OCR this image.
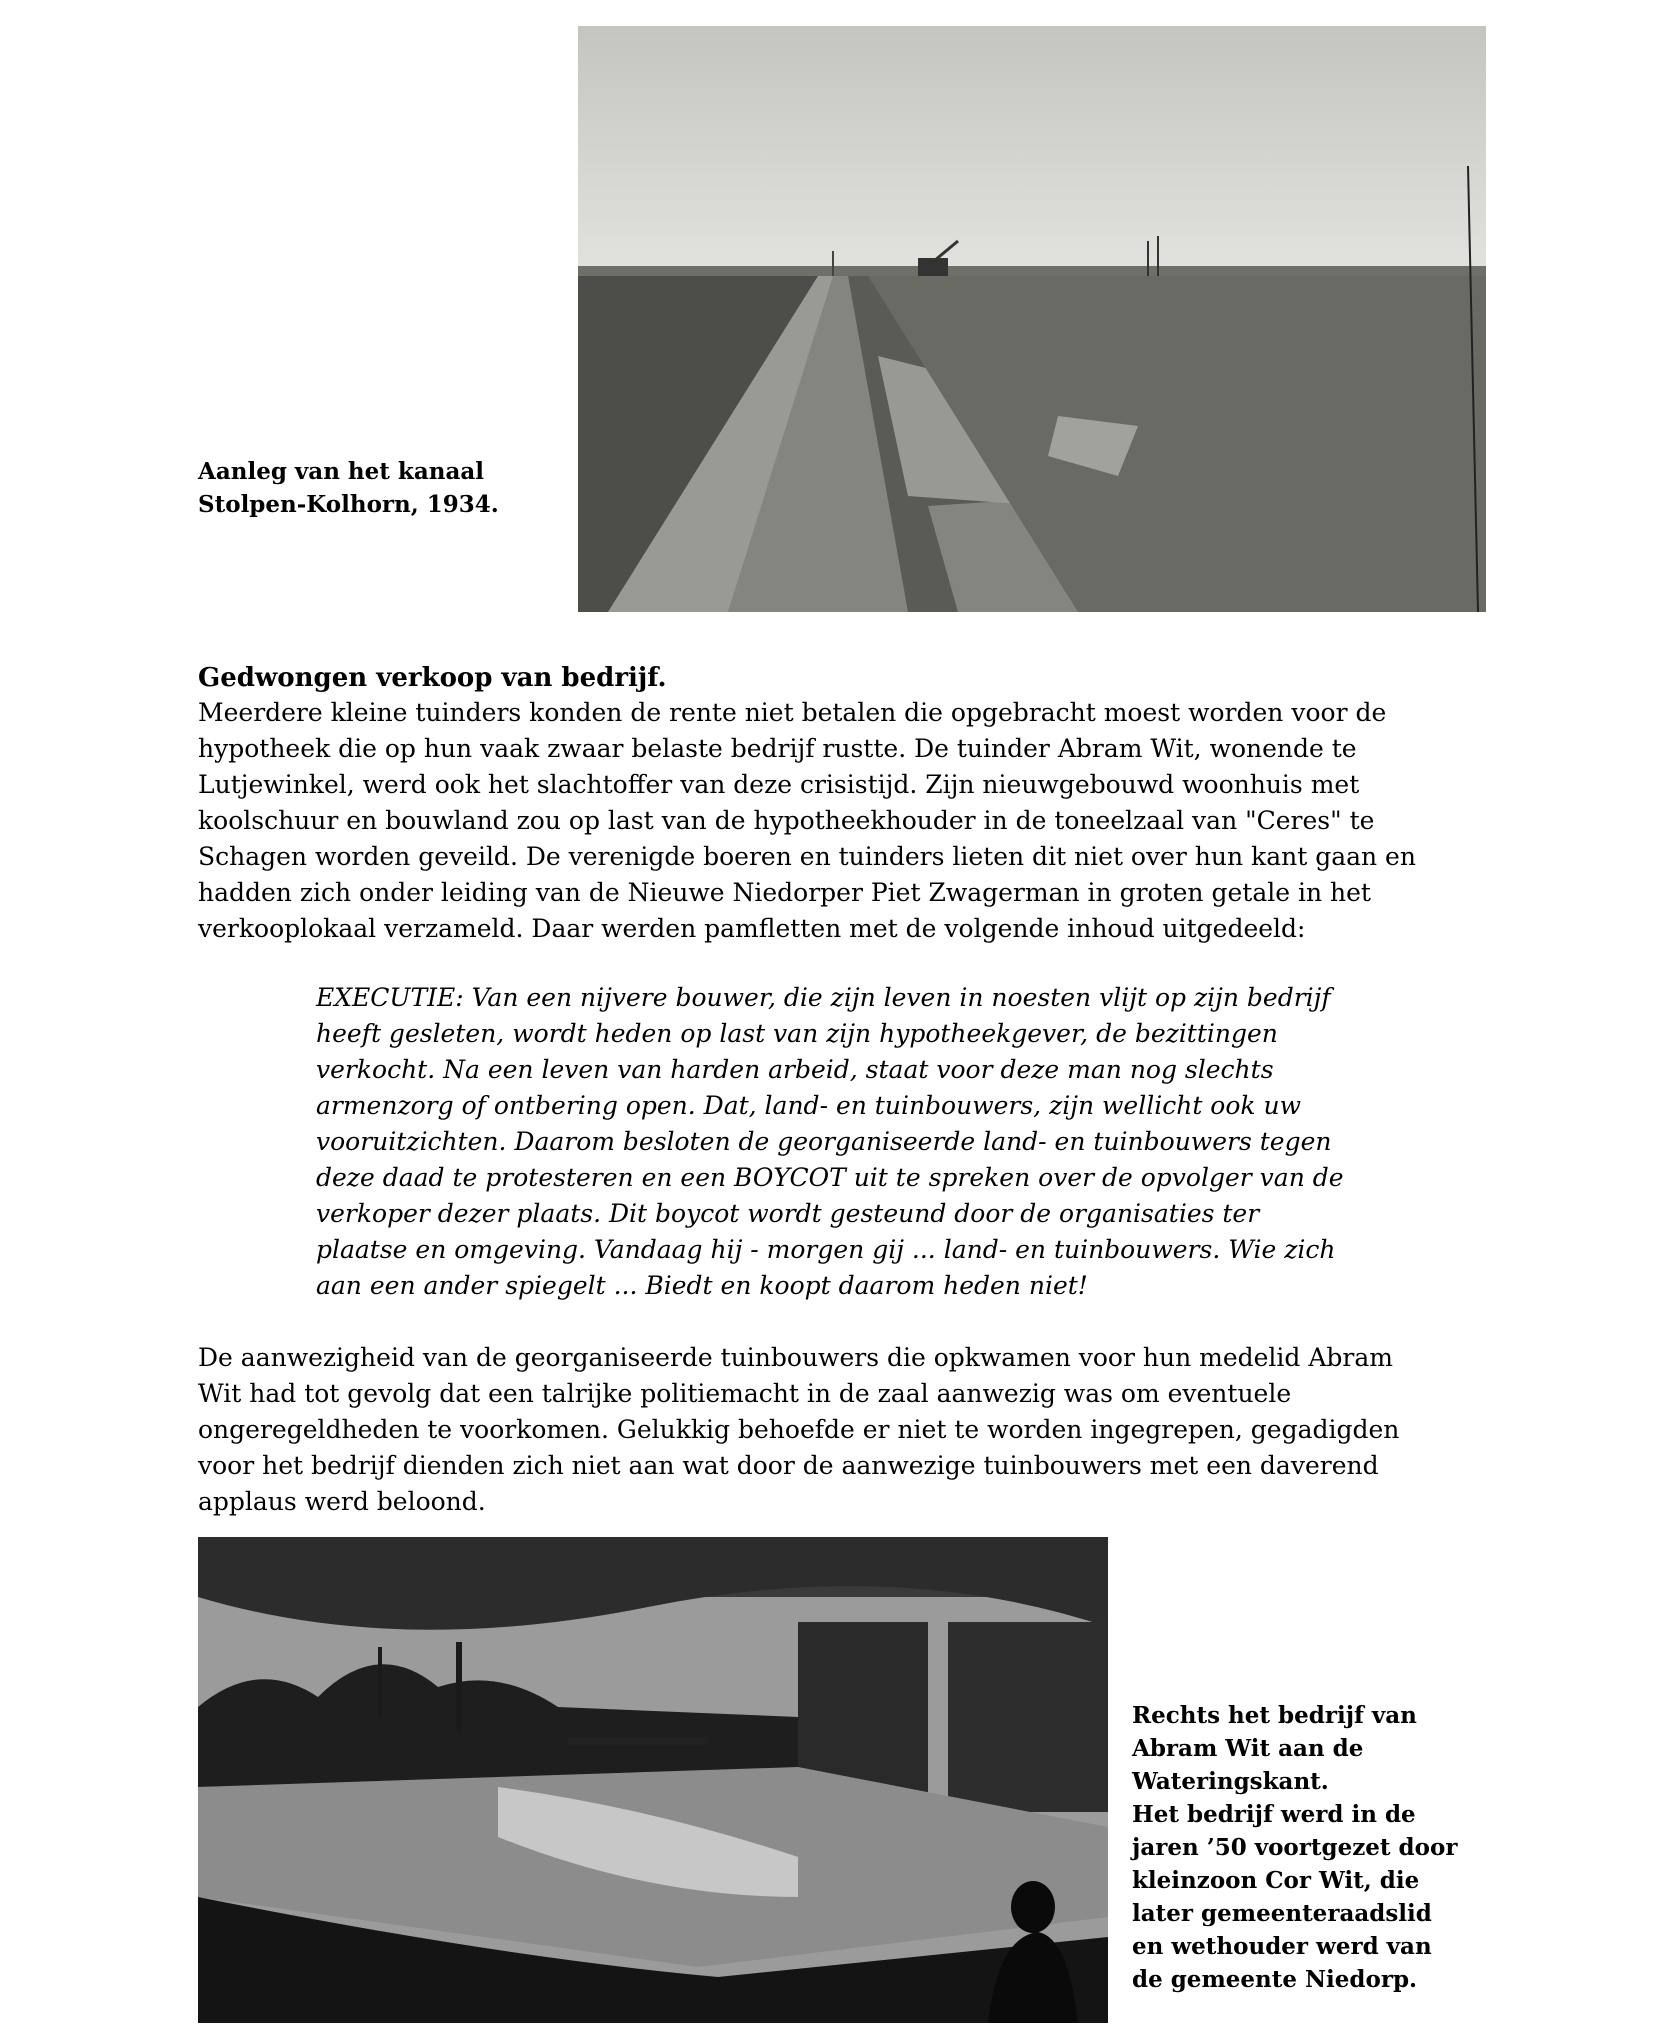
Aanleg van het kanaal
Stolpen-Kolhorn, 1934.
Gedwongen verkoop van bedrijf.
Meerdere kleine tuinders konden de rente niet betalen die opgebracht moest worden voor de
hypotheek die op hun vaak zwaar belaste bedrijf rustte. De tuinder Abram Wit, wonende te
Lutjewinkel, werd ook het slachtoffer van deze crisistijd. Zijn nieuwgebouwd woonhuis met
koolschuur en bouwland zou op last van de hypotheekhouder in de toneelzaal van "Ceres" te
Schagen worden geveild. De verenigde boeren en tuinders lieten dit niet over hun kant gaan en
hadden zich onder leiding van de Nieuwe Niedorper Piet Zwagerman in groten getale in het
verkooplokaal verzameld. Daar werden pamfletten met de volgende inhoud uitgedeeld:
EXECUTIE: Van een nijvere bouwer, die zijn leven in noesten vlijt op zijn bedrijf
heeft gesleten, wordt heden op last van zijn hypotheekgever, de bezittingen
verkocht. Na een leven van harden arbeid, staat voor deze man nog slechts
armenzorg of ontbering open. Dat, land- en tuinbouwers, zijn wellicht ook uw
vooruitzichten. Daarom besloten de georganiseerde land- en tuinbouwers tegen
deze daad te protesteren en een BOYCOT uit te spreken over de opvolger van de
verkoper dezer plaats. Dit boycot wordt gesteund door de organisaties ter
plaatse en omgeving. Vandaag hij - morgen gij ... land- en tuinbouwers. Wie zich
aan een ander spiegelt ... Biedt en koopt daarom heden niet!
De aanwezigheid van de georganiseerde tuinbouwers die opkwamen voor hun medelid Abram
Wit had tot gevolg dat een talrijke politiemacht in de zaal aanwezig was om eventuele
ongeregeldheden te voorkomen. Gelukkig behoefde er niet te worden ingegrepen, gegadigden
voor het bedrijf dienden zich niet aan wat door de aanwezige tuinbouwers met een daverend
applaus werd beloond.
Rechts het bedrijf van
Abram Wit aan de
Wateringskant.
Het bedrijf werd in de
jaren ’50 voortgezet door
kleinzoon Cor Wit, die
later gemeenteraadslid
en wethouder werd van
de gemeente Niedorp.
